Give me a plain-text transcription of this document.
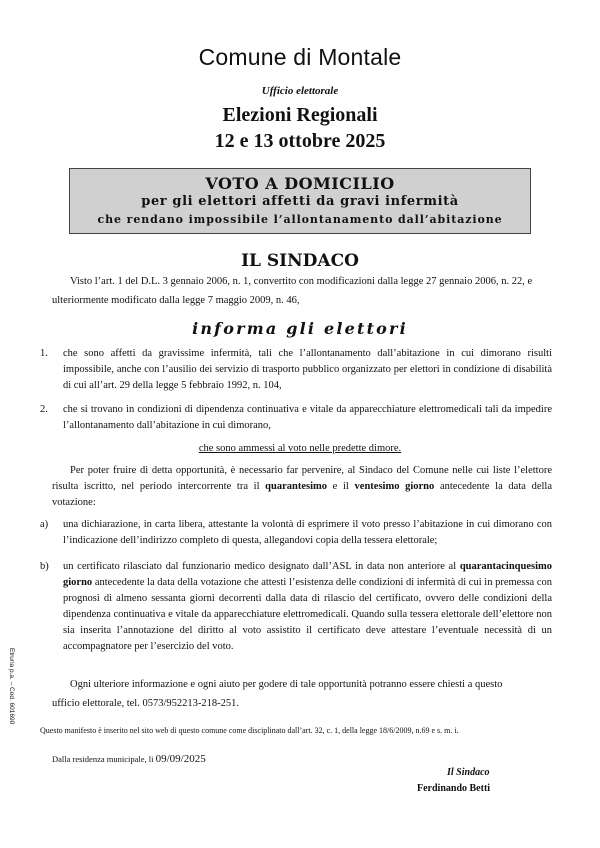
Comune di Montale
Ufficio elettorale
Elezioni Regionali
12 e 13 ottobre 2025
VOTO A DOMICILIO
per gli elettori affetti da gravi infermità
che rendano impossibile l’allontanamento dall’abitazione
IL SINDACO
Visto l’art. 1 del D.L. 3 gennaio 2006, n. 1, convertito con modificazioni dalla legge 27 gennaio 2006, n. 22, e
ulteriormente modificato dalla legge 7 maggio 2009, n. 46,
informa gli elettori
1. che sono affetti da gravissime infermità, tali che l’allontanamento dall’abitazione in cui dimorano risulti impossibile, anche con l’ausilio dei servizio di trasporto pubblico organizzato per elettori in condizione di disabilità di cui all’art. 29 della legge 5 febbraio 1992, n. 104,
2. che si trovano in condizioni di dipendenza continuativa e vitale da apparecchiature elettromedicali tali da impedire l’allontanamento dall’abitazione in cui dimorano,
che sono ammessi al voto nelle predette dimore.
Per poter fruire di detta opportunità, è necessario far pervenire, al Sindaco del Comune nelle cui liste l’elettore risulta iscritto, nel periodo intercorrente tra il quarantesimo e il ventesimo giorno antecedente la data della votazione:
a) una dichiarazione, in carta libera, attestante la volontà di esprimere il voto presso l’abitazione in cui dimorano con l’indicazione dell’indirizzo completo di questa, allegandovi copia della tessera elettorale;
b) un certificato rilasciato dal funzionario medico designato dall’ASL in data non anteriore al quarantacinquesimo giorno antecedente la data della votazione che attesti l’esistenza delle condizioni di infermità di cui in premessa con prognosi di almeno sessanta giorni decorrenti dalla data di rilascio del certificato, ovvero delle condizioni della dipendenza continuativa e vitale da apparecchiature elettromedicali. Quando sulla tessera elettorale dell’elettore non sia inserita l’annotazione del diritto al voto assistito il certificato deve attestare l’eventuale necessità di un accompagnatore per l’esercizio del voto.
Ogni ulteriore informazione e ogni aiuto per godere di tale opportunità potranno essere chiesti a questo
ufficio elettorale, tel. 0573/952213-218-251.
Questo manifesto è inserito nel sito web di questo comune come disciplinato dall’art. 32, c. 1, della legge 18/6/2009, n.69 e s. m. i.
Dalla residenza municipale, li 09/09/2025
Il Sindaco
Ferdinando Betti
Etruria p.a. – Cod. 601690
